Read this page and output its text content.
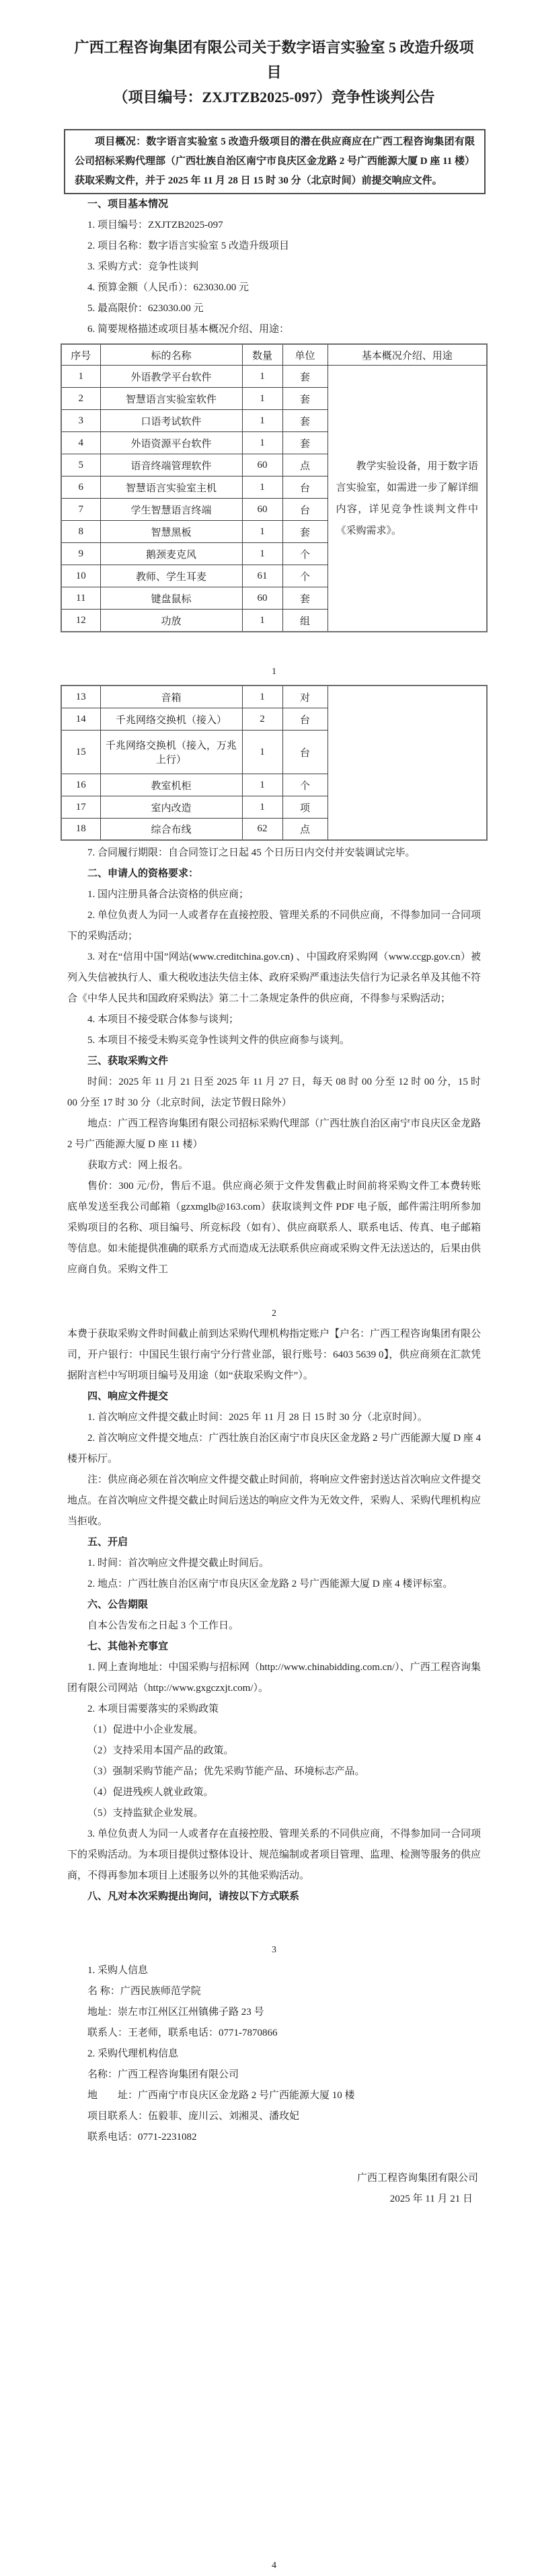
广西工程咨询集团有限公司关于数字语言实验室 5 改造升级项目
（项目编号：ZXJTZB2025-097）竞争性谈判公告
项目概况：数字语言实验室 5 改造升级项目的潜在供应商应在广西工程咨询集团有限公司招标采购代理部（广西壮族自治区南宁市良庆区金龙路 2 号广西能源大厦 D 座 11 楼）获取采购文件，并于 2025 年 11 月 28 日 15 时 30 分（北京时间）前提交响应文件。

一、项目基本情况

1. 项目编号：ZXJTZB2025-097

2. 项目名称：数字语言实验室 5 改造升级项目

3. 采购方式：竞争性谈判

4. 预算金额（人民币）：623030.00 元

5. 最高限价：623030.00 元

6. 简要规格描述或项目基本概况介绍、用途：

序号	标的名称	数量	单位	基本概况介绍、用途
1	外语教学平台软件	1	套	教学实验设备，用于数字语言实验室，如需进一步了解详细内容，详见竞争性谈判文件中《采购需求》。

2	智慧语言实验室软件	1	套	
3	口语考试软件	1	套	
4	外语资源平台软件	1	套	
5	语音终端管理软件	60	点	
6	智慧语言实验室主机	1	台	
7	学生智慧语言终端	60	台	
8	智慧黑板	1	套	
9	鹅颈麦克风	1	个	
10	教师、学生耳麦	61	个	
11	键盘鼠标	60	套	
12	功放	1	组	

1

13	音箱	1	对	
14	千兆网络交换机（接入）	2	台	
15	千兆网络交换机（接入，万兆上行）	1	台	
16	教室机柜	1	个	
17	室内改造	1	项	
18	综合布线	62	点	

7. 合同履行期限：自合同签订之日起 45 个日历日内交付并安装调试完毕。

二、申请人的资格要求：

1. 国内注册具备合法资格的供应商；

2. 单位负责人为同一人或者存在直接控股、管理关系的不同供应商，不得参加同一合同项下的采购活动；

3. 对在“信用中国”网站(www.creditchina.gov.cn) 、中国政府采购网（www.ccgp.gov.cn）被列入失信被执行人、重大税收违法失信主体、政府采购严重违法失信行为记录名单及其他不符合《中华人民共和国政府采购法》第二十二条规定条件的供应商，不得参与采购活动；

4. 本项目不接受联合体参与谈判；

5. 本项目不接受未购买竞争性谈判文件的供应商参与谈判。

三、获取采购文件

时间：2025 年 11 月 21 日至 2025 年 11 月 27 日，每天 08 时 00 分至 12 时 00 分，15 时 00 分至 17 时 30 分（北京时间，法定节假日除外）

地点：广西工程咨询集团有限公司招标采购代理部（广西壮族自治区南宁市良庆区金龙路 2 号广西能源大厦 D 座 11 楼）

获取方式：网上报名。

售价：300 元/份，售后不退。供应商必须于文件发售截止时间前将采购文件工本费转账底单发送至我公司邮箱（gzxmglb@163.com）获取谈判文件 PDF 电子版，邮件需注明所参加采购项目的名称、项目编号、所竞标段（如有）、供应商联系人、联系电话、传真、电子邮箱等信息。如未能提供准确的联系方式而造成无法联系供应商或采购文件无法送达的，后果由供应商自负。采购文件工

2

本费于获取采购文件时间截止前到达采购代理机构指定账户【户名：广西工程咨询集团有限公司，开户银行：中国民生银行南宁分行营业部，银行账号：6403 5639 0】，供应商须在汇款凭据附言栏中写明项目编号及用途（如“获取采购文件”）。

四、响应文件提交

1. 首次响应文件提交截止时间：2025 年 11 月 28 日 15 时 30 分（北京时间）。

2. 首次响应文件提交地点：广西壮族自治区南宁市良庆区金龙路 2 号广西能源大厦 D 座 4 楼开标厅。

注：供应商必须在首次响应文件提交截止时间前，将响应文件密封送达首次响应文件提交地点。在首次响应文件提交截止时间后送达的响应文件为无效文件，采购人、采购代理机构应当拒收。

五、开启

1. 时间：首次响应文件提交截止时间后。

2. 地点：广西壮族自治区南宁市良庆区金龙路 2 号广西能源大厦 D 座 4 楼评标室。

六、公告期限

自本公告发布之日起 3 个工作日。

七、其他补充事宜

1. 网上查询地址：中国采购与招标网（http://www.chinabidding.com.cn/）、广西工程咨询集团有限公司网站（http://www.gxgczxjt.com/）。

2. 本项目需要落实的采购政策

（1）促进中小企业发展。

（2）支持采用本国产品的政策。

（3）强制采购节能产品；优先采购节能产品、环境标志产品。

（4）促进残疾人就业政策。

（5）支持监狱企业发展。

3. 单位负责人为同一人或者存在直接控股、管理关系的不同供应商，不得参加同一合同项下的采购活动。为本项目提供过整体设计、规范编制或者项目管理、监理、检测等服务的供应商，不得再参加本项目上述服务以外的其他采购活动。

八、凡对本次采购提出询问，请按以下方式联系

3

1. 采购人信息

名 称：广西民族师范学院

地址：崇左市江州区江州镇佛子路 23 号

联系人：王老师，联系电话：0771-7870866

2. 采购代理机构信息

名称：广西工程咨询集团有限公司

地　　址：广西南宁市良庆区金龙路 2 号广西能源大厦 10 楼

项目联系人：伍毅菲、庞川云、刘湘灵、潘玫妃

联系电话：0771-2231082

广西工程咨询集团有限公司

2025 年 11 月 21 日

4
